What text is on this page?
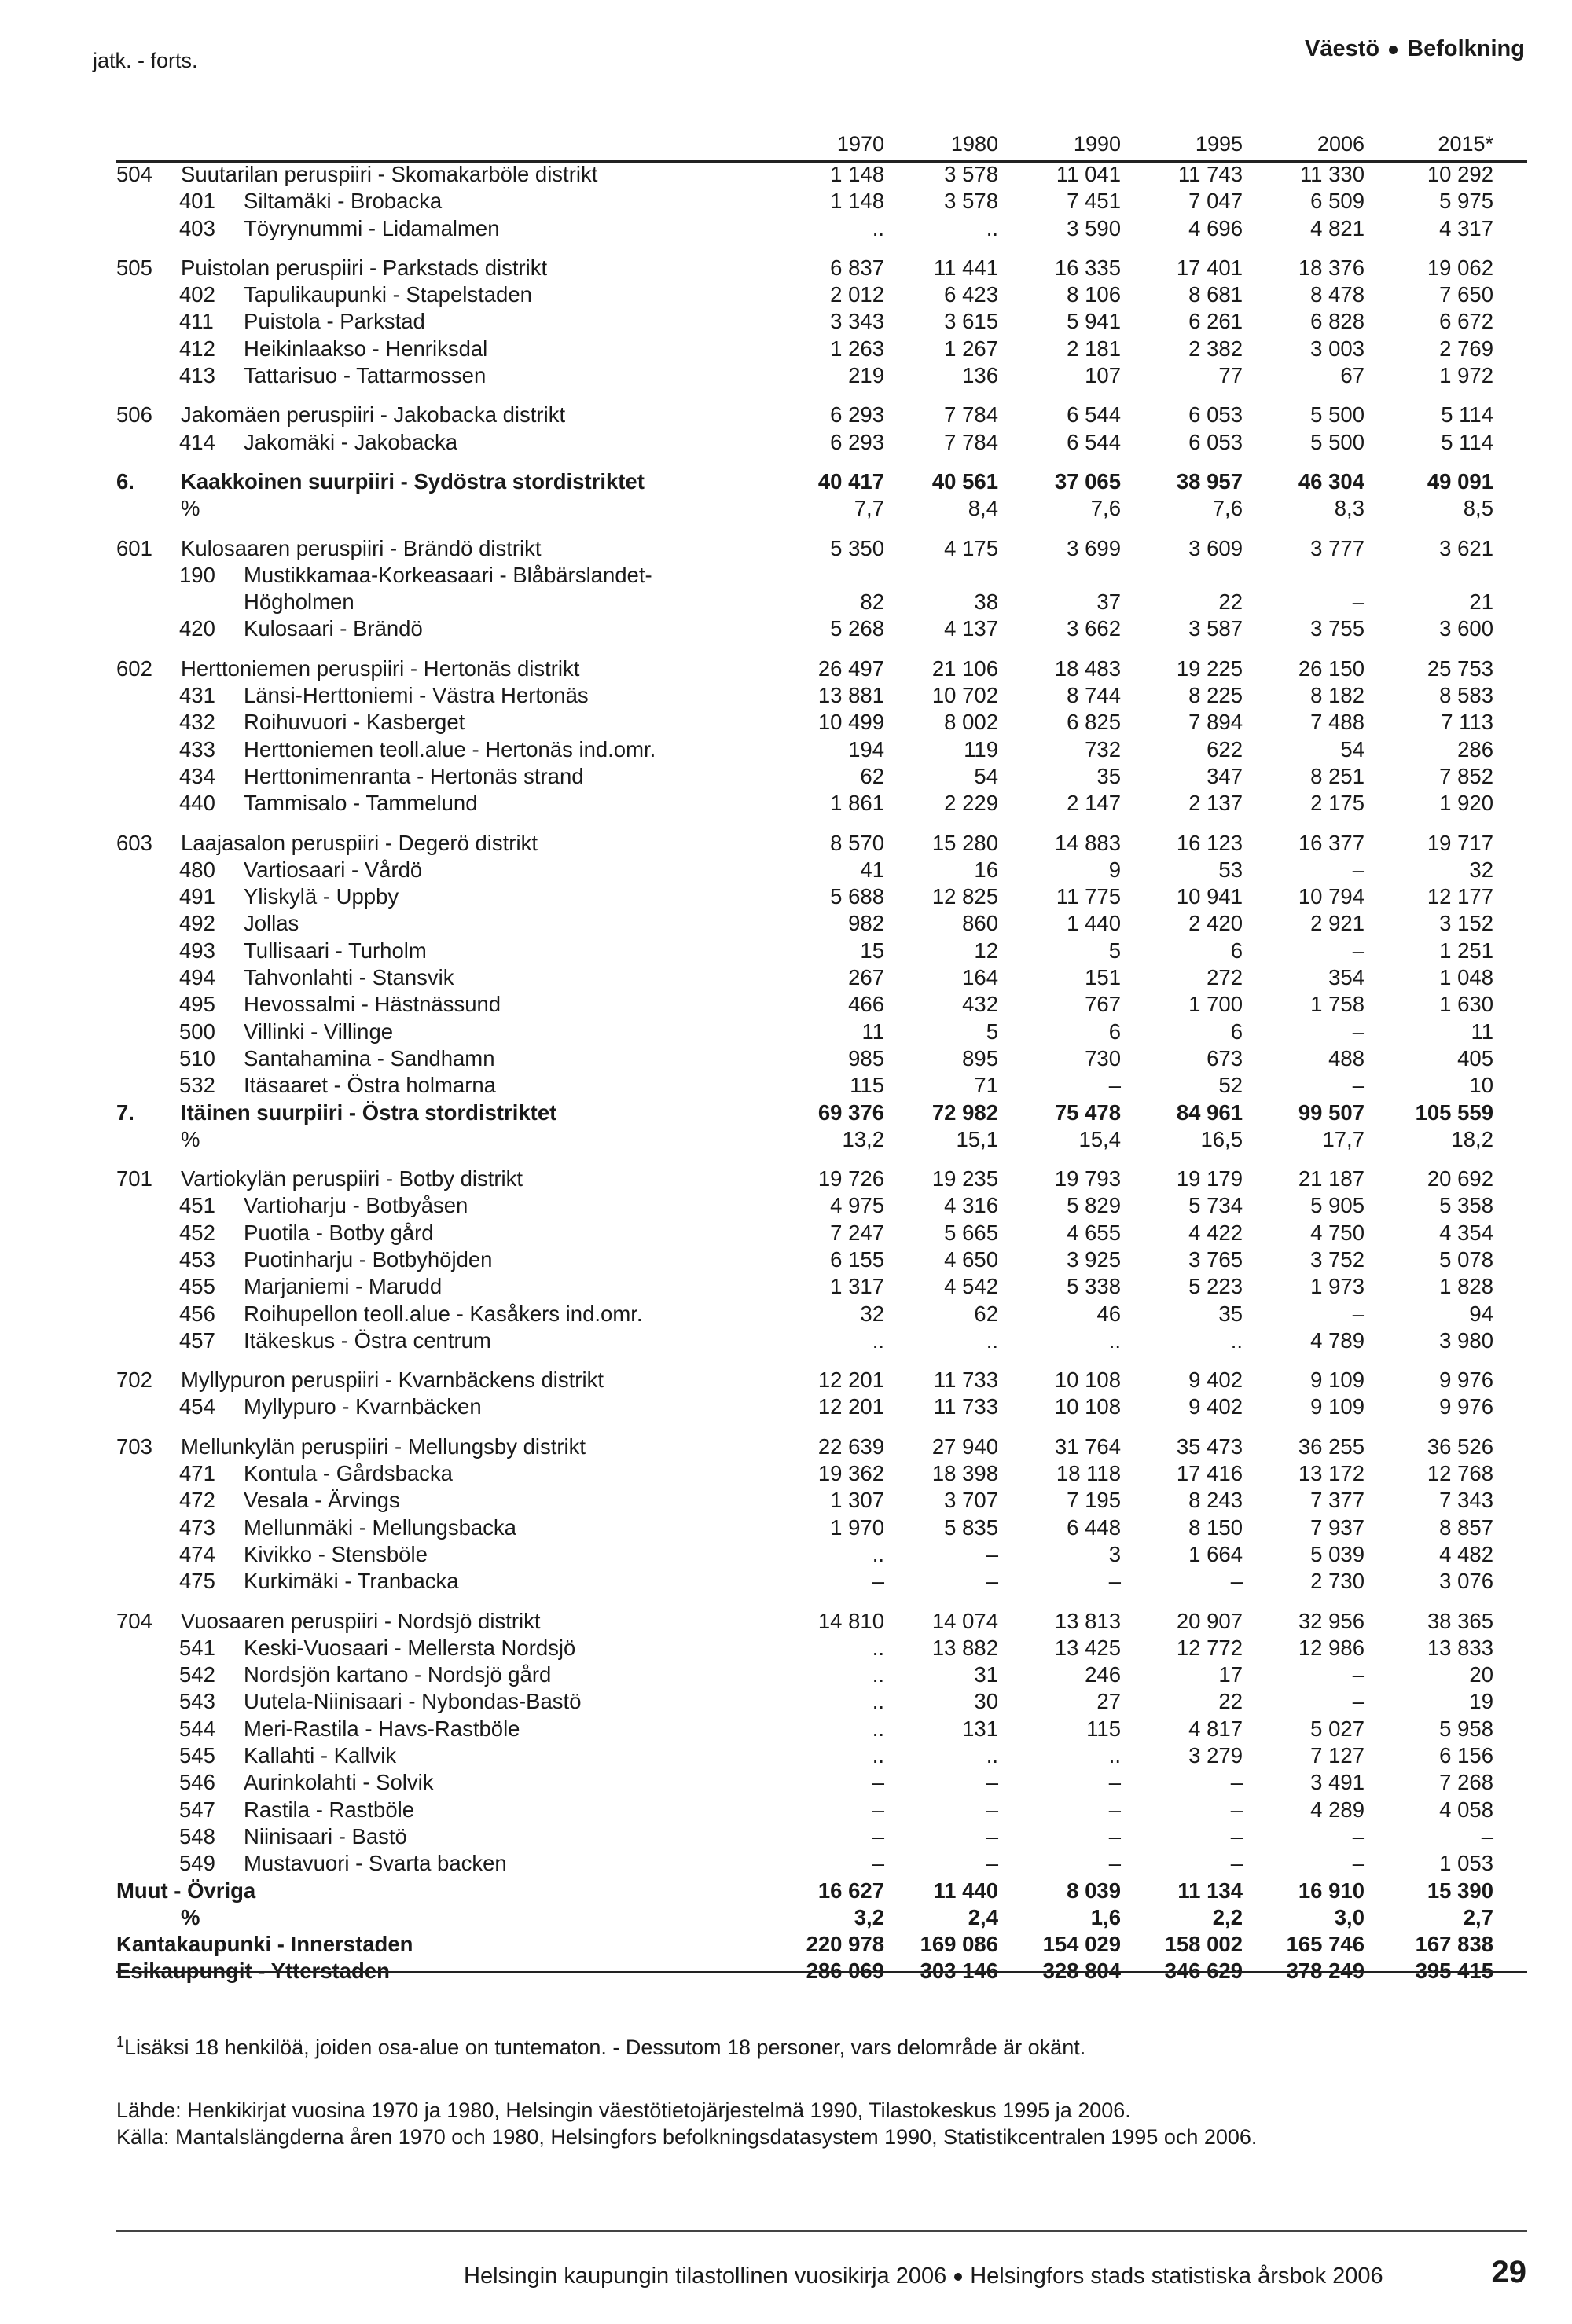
jatk. - forts.	Väestö Befolkning
1970	1980	1990	1995	2006	2015*
504 Suutarilan peruspiiri - Skomakarböle distrikt	1 148	3 578	11 041	11 743	11 330	10 292
401 Siltamäki - Brobacka	1 148	3 578	7 451	7 047	6 509	5 975
403 Töyrynummi - Lidamalmen	..	..	3 590	4 696	4 821	4 317
505 Puistolan peruspiiri - Parkstads distrikt	6 837	11 441	16 335	17 401	18 376	19 062
402 Tapulikaupunki - Stapelstaden	2 012	6 423	8 106	8 681	8 478	7 650
411 Puistola - Parkstad	3 343	3 615	5 941	6 261	6 828	6 672
412 Heikinlaakso - Henriksdal	1 263	1 267	2 181	2 382	3 003	2 769
413 Tattarisuo - Tattarmossen	219	136	107	77	67	1 972
506 Jakomäen peruspiiri - Jakobacka distrikt	6 293	7 784	6 544	6 053	5 500	5 114
414 Jakomäki - Jakobacka	6 293	7 784	6 544	6 053	5 500	5 114
6. Kaakkoinen suurpiiri - Sydöstra stordistriktet	40 417	40 561	37 065	38 957	46 304	49 091
%	7,7	8,4	7,6	7,6	8,3	8,5
601 Kulosaaren peruspiiri - Brändö distrikt	5 350	4 175	3 699	3 609	3 777	3 621
190 Mustikkamaa-Korkeasaari - Blåbärslandet-
Högholmen	82	38	37	22	–	21
420 Kulosaari - Brändö	5 268	4 137	3 662	3 587	3 755	3 600
602 Herttoniemen peruspiiri - Hertonäs distrikt	26 497	21 106	18 483	19 225	26 150	25 753
431 Länsi-Herttoniemi - Västra Hertonäs	13 881	10 702	8 744	8 225	8 182	8 583
432 Roihuvuori - Kasberget	10 499	8 002	6 825	7 894	7 488	7 113
433 Herttoniemen teoll.alue - Hertonäs ind.omr.	194	119	732	622	54	286
434 Herttonimenranta - Hertonäs strand	62	54	35	347	8 251	7 852
440 Tammisalo - Tammelund	1 861	2 229	2 147	2 137	2 175	1 920
603 Laajasalon peruspiiri - Degerö distrikt	8 570	15 280	14 883	16 123	16 377	19 717
480 Vartiosaari - Vårdö	41	16	9	53	–	32
491 Yliskylä - Uppby	5 688	12 825	11 775	10 941	10 794	12 177
492 Jollas	982	860	1 440	2 420	2 921	3 152
493 Tullisaari - Turholm	15	12	5	6	–	1 251
494 Tahvonlahti - Stansvik	267	164	151	272	354	1 048
495 Hevossalmi - Hästnässund	466	432	767	1 700	1 758	1 630
500 Villinki - Villinge	11	5	6	6	–	11
510 Santahamina - Sandhamn	985	895	730	673	488	405
532 Itäsaaret - Östra holmarna	115	71	–	52	–	10
7. Itäinen suurpiiri - Östra stordistriktet	69 376	72 982	75 478	84 961	99 507	105 559
%	13,2	15,1	15,4	16,5	17,7	18,2
701 Vartiokylän peruspiiri - Botby distrikt	19 726	19 235	19 793	19 179	21 187	20 692
451 Vartioharju - Botbyåsen	4 975	4 316	5 829	5 734	5 905	5 358
452 Puotila - Botby gård	7 247	5 665	4 655	4 422	4 750	4 354
453 Puotinharju - Botbyhöjden	6 155	4 650	3 925	3 765	3 752	5 078
455 Marjaniemi - Marudd	1 317	4 542	5 338	5 223	1 973	1 828
456 Roihupellon teoll.alue - Kasåkers ind.omr.	32	62	46	35	–	94
457 Itäkeskus - Östra centrum	..	..	..	..	4 789	3 980
702 Myllypuron peruspiiri - Kvarnbäckens distrikt	12 201	11 733	10 108	9 402	9 109	9 976
454 Myllypuro - Kvarnbäcken	12 201	11 733	10 108	9 402	9 109	9 976
703 Mellunkylän peruspiiri - Mellungsby distrikt	22 639	27 940	31 764	35 473	36 255	36 526
471 Kontula - Gårdsbacka	19 362	18 398	18 118	17 416	13 172	12 768
472 Vesala - Ärvings	1 307	3 707	7 195	8 243	7 377	7 343
473 Mellunmäki - Mellungsbacka	1 970	5 835	6 448	8 150	7 937	8 857
474 Kivikko - Stensböle	..	–	3	1 664	5 039	4 482
475 Kurkimäki - Tranbacka	–	–	–	–	2 730	3 076
704 Vuosaaren peruspiiri - Nordsjö distrikt	14 810	14 074	13 813	20 907	32 956	38 365
541 Keski-Vuosaari - Mellersta Nordsjö	..	13 882	13 425	12 772	12 986	13 833
542 Nordsjön kartano - Nordsjö gård	..	31	246	17	–	20
543 Uutela-Niinisaari - Nybondas-Bastö	..	30	27	22	–	19
544 Meri-Rastila - Havs-Rastböle	..	131	115	4 817	5 027	5 958
545 Kallahti - Kallvik	..	..	..	3 279	7 127	6 156
546 Aurinkolahti - Solvik	–	–	–	–	3 491	7 268
547 Rastila - Rastböle	–	–	–	–	4 289	4 058
548 Niinisaari - Bastö	–	–	–	–	–	–
549 Mustavuori - Svarta backen	–	–	–	–	–	1 053
Muut - Övriga	16 627	11 440	8 039	11 134	16 910	15 390
%	3,2	2,4	1,6	2,2	3,0	2,7
Kantakaupunki - Innerstaden	220 978	169 086	154 029	158 002	165 746	167 838
Esikaupungit - Ytterstaden	286 069	303 146	328 804	346 629	378 249	395 415
$^1$Lisäksi 18 henkilöä, joiden osa-alue on tuntematon. - Dessutom 18 personer, vars delområde är okänt.
Lähde: Henkikirjat vuosina 1970 ja 1980, Helsingin väestötietojärjestelmä 1990, Tilastokeskus 1995 ja 2006.
Källa: Mantalslängderna åren 1970 och 1980, Helsingfors befolkningsdatasystem 1990, Statistikcentralen 1995 och 2006.
Helsingin kaupungin tilastollinen vuosikirja 2006 Helsingfors stads statistiska årsbok 2006	29
